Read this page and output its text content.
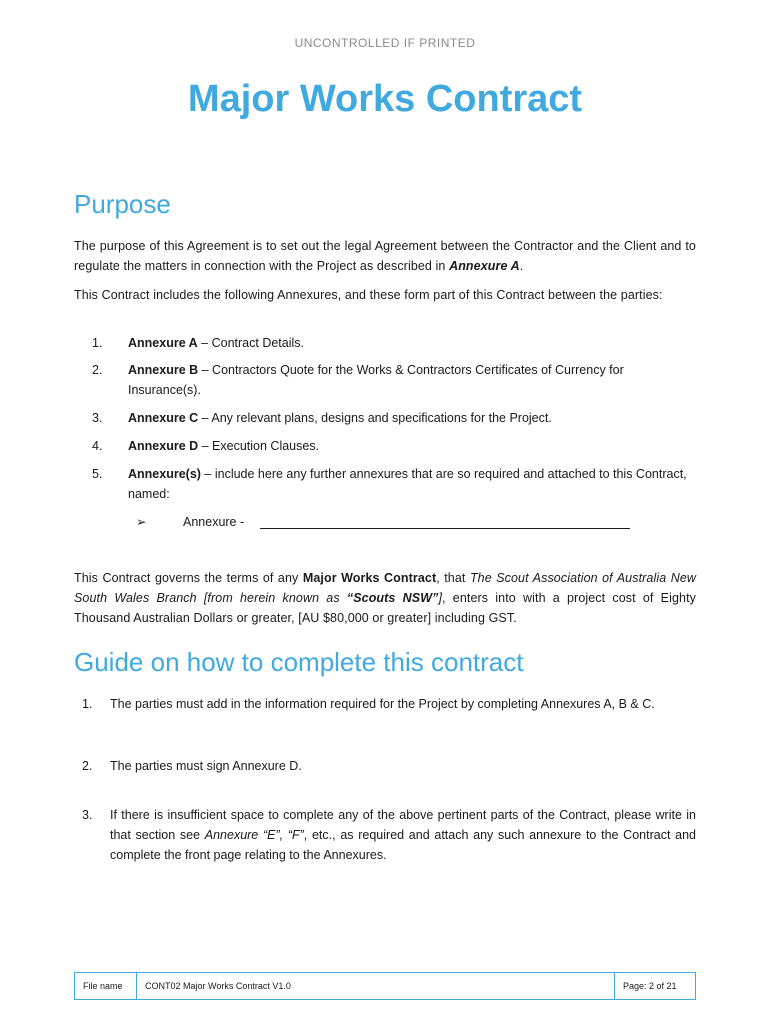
UNCONTROLLED IF PRINTED
Major Works Contract
Purpose

The purpose of this Agreement is to set out the legal Agreement between the Contractor and the Client and to regulate the matters in connection with the Project as described in Annexure A.

This Contract includes the following Annexures, and these form part of this Contract between the parties:

1. Annexure A – Contract Details.
2. Annexure B – Contractors Quote for the Works & Contractors Certificates of Currency for Insurance(s).
3. Annexure C – Any relevant plans, designs and specifications for the Project.
4. Annexure D – Execution Clauses.
5. Annexure(s) – include here any further annexures that are so required and attached to this Contract, named:
➢	Annexure -

This Contract governs the terms of any Major Works Contract, that The Scout Association of Australia New South Wales Branch [from herein known as “Scouts NSW”], enters into with a project cost of Eighty Thousand Australian Dollars or greater, [AU $80,000 or greater] including GST.

Guide on how to complete this contract
1. The parties must add in the information required for the Project by completing Annexures A, B & C.
2. The parties must sign Annexure D.
3. If there is insufficient space to complete any of the above pertinent parts of the Contract, please write in that section see Annexure “E”, “F”, etc., as required and attach any such annexure to the Contract and complete the front page relating to the Annexures.
File name	CONT02 Major Works Contract V1.0	Page: 2 of 21
